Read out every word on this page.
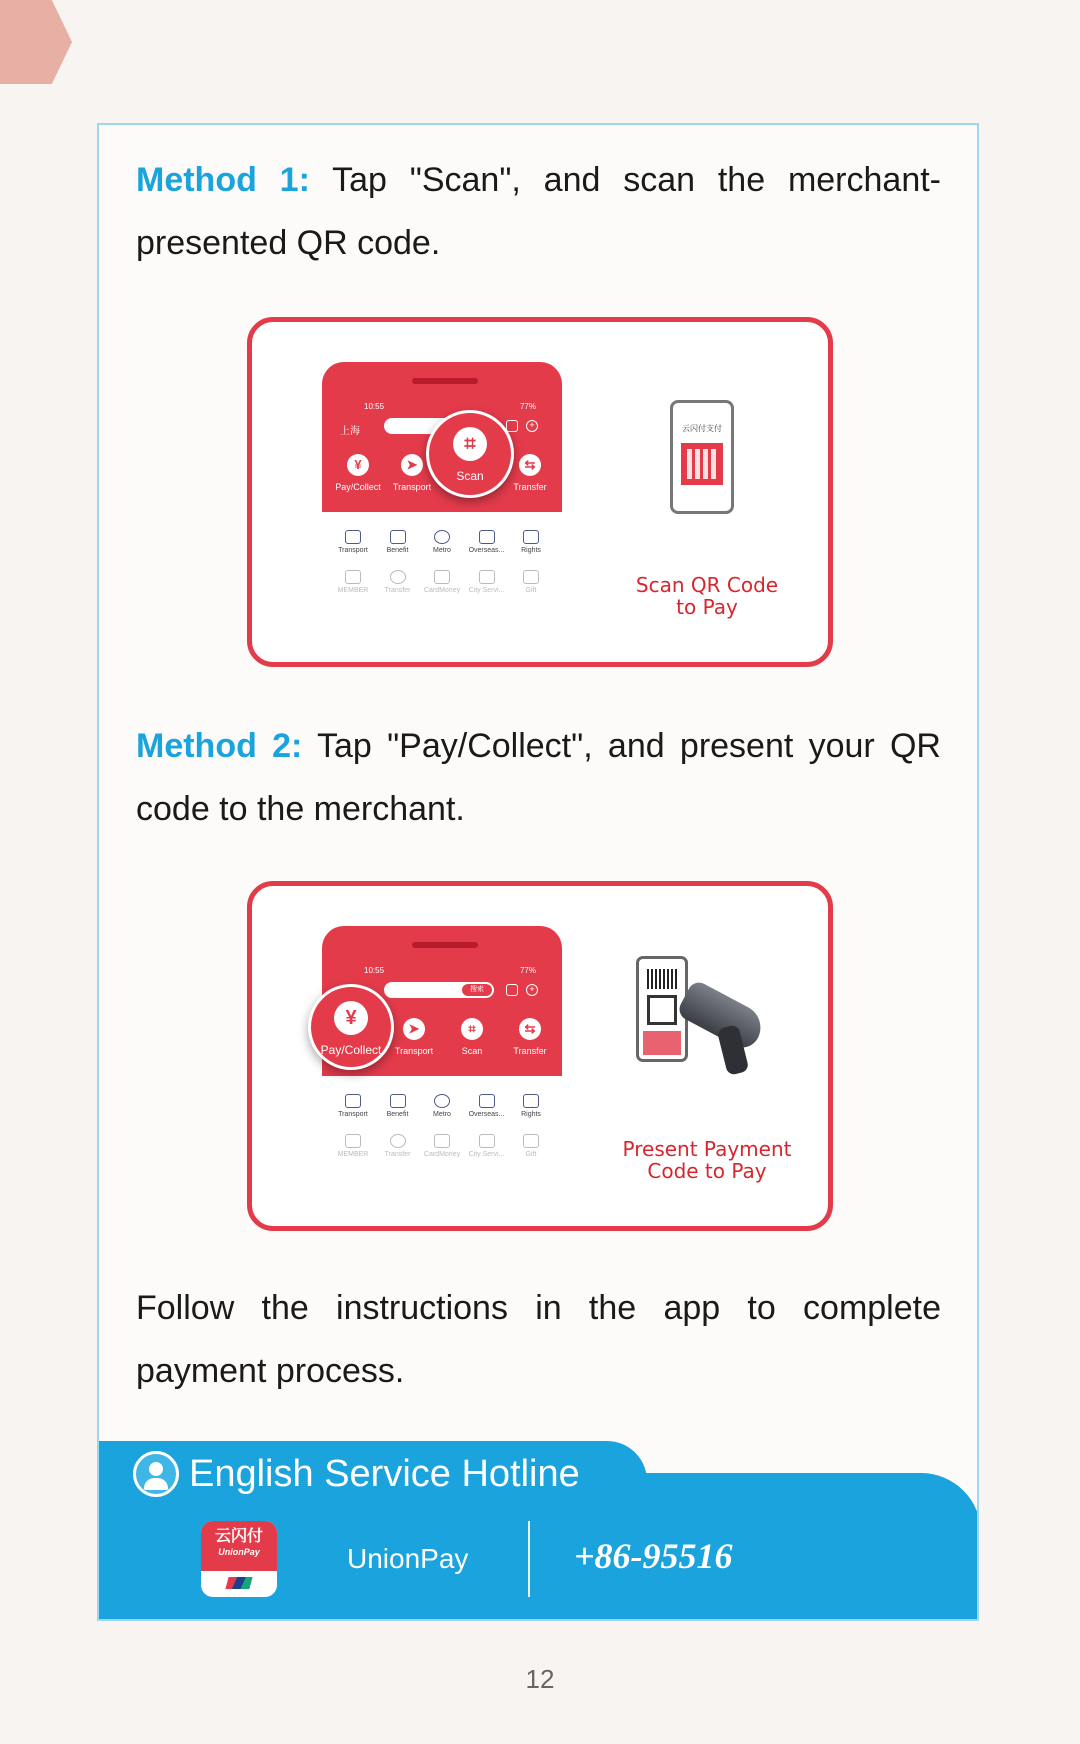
Method 1: Tap "Scan", and scan the merchant-presented QR code.

10:55	77%
上海
+
¥
Pay/Collect
➤
Transport
⇆
Transfer
Transport	Benefit	Metro	Overseas...	Rights
MEMBER	Transfer	CardMoney	City Servi...	Gift
⌗
Scan
云闪付支付
Scan QR Code
to Pay

Method 2: Tap "Pay/Collect", and present your QR code to the merchant.

10:55	77%
搜索	+
➤
Transport
⌗
Scan
⇆
Transfer
Transport	Benefit	Metro	Overseas...	Rights
MEMBER	Transfer	CardMoney	City Servi...	Gift
¥
Pay/Collect
Present Payment
Code to Pay

Follow the instructions in the app to complete payment process.

English Service Hotline
云闪付
UnionPay	UnionPay	+86-95516
12
